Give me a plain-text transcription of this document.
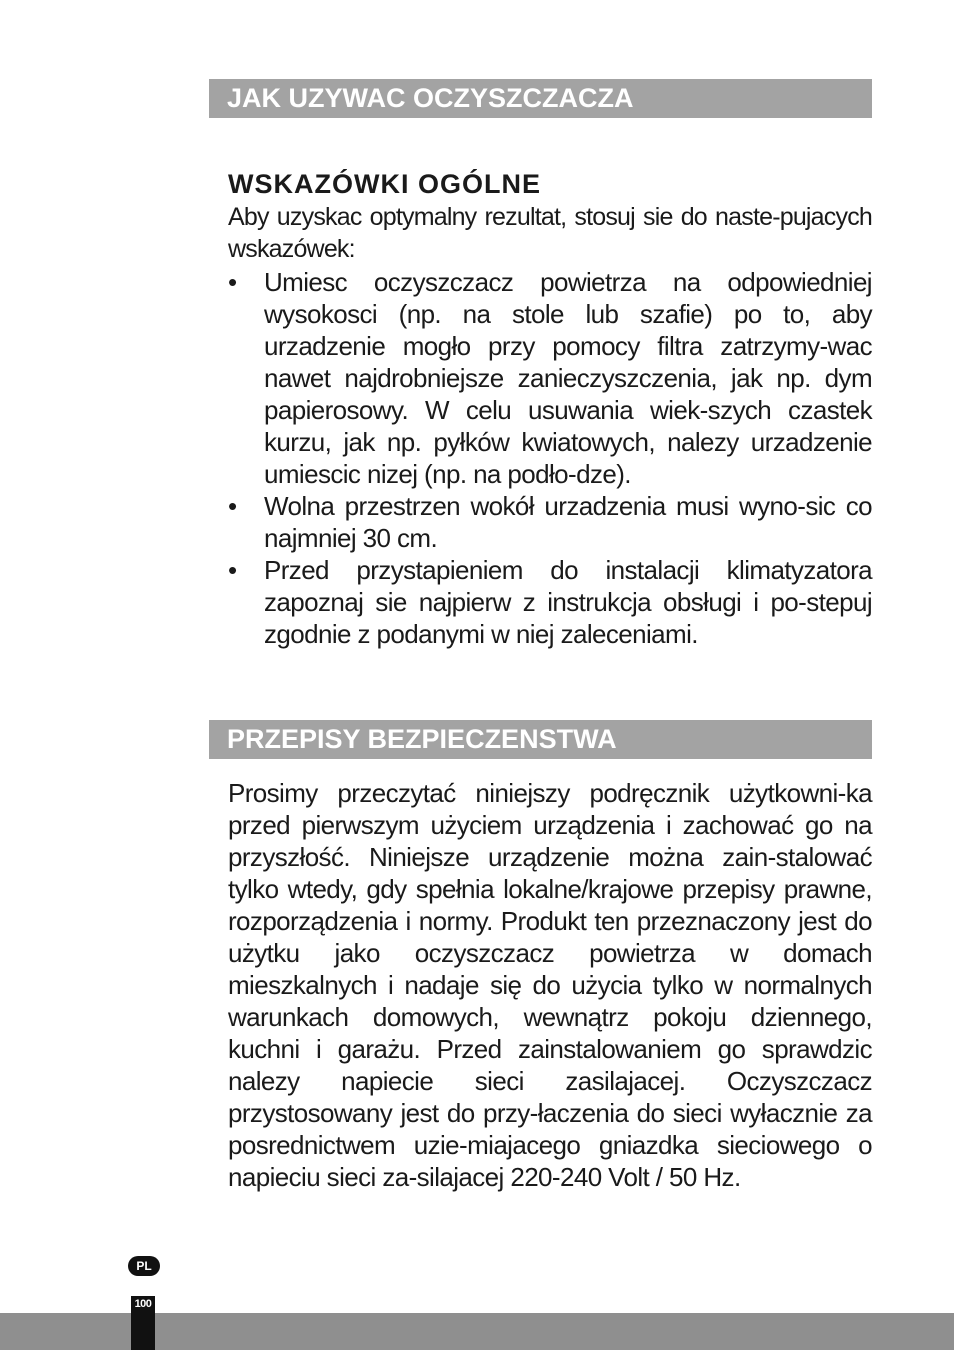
JAK UZYWAC OCZYSZCZACZA
WSKAZÓWKI OGÓLNE
Aby uzyskac optymalny rezultat, stosuj sie do naste-pujacych wskazówek:
•	Umiesc oczyszczacz powietrza na odpowiedniej wysokosci (np. na stole lub szafie) po to, aby urzadzenie mogło przy pomocy filtra zatrzymy-wac nawet najdrobniejsze zanieczyszczenia, jak np. dym papierosowy. W celu usuwania wiek-szych czastek kurzu, jak np. pyłków kwiatowych, nalezy urzadzenie umiescic nizej (np. na podło-dze).
•	Wolna przestrzen wokół urzadzenia musi wyno-sic co najmniej 30 cm.
•	Przed przystapieniem do instalacji klimatyzatora zapoznaj sie najpierw z instrukcja obsługi i po-stepuj zgodnie z podanymi w niej zaleceniami.
PRZEPISY BEZPIECZENSTWA
Prosimy przeczytać niniejszy podręcznik użytkowni-ka przed pierwszym użyciem urządzenia i zachować go na przyszłość. Niniejsze urządzenie można zain-stalować tylko wtedy, gdy spełnia lokalne/krajowe przepisy prawne, rozporządzenia i normy. Produkt ten przeznaczony jest do użytku jako oczyszczacz powietrza w domach mieszkalnych i nadaje się do użycia tylko w normalnych warunkach domowych, wewnątrz pokoju dziennego, kuchni i garażu. Przed zainstalowaniem go sprawdzic nalezy napiecie sieci zasilajacej. Oczyszczacz przystosowany jest do przy-łaczenia do sieci wyłacznie za posrednictwem uzie-miajacego gniazdka sieciowego o napieciu sieci za-silajacej 220-240 Volt / 50 Hz.
PL
100
